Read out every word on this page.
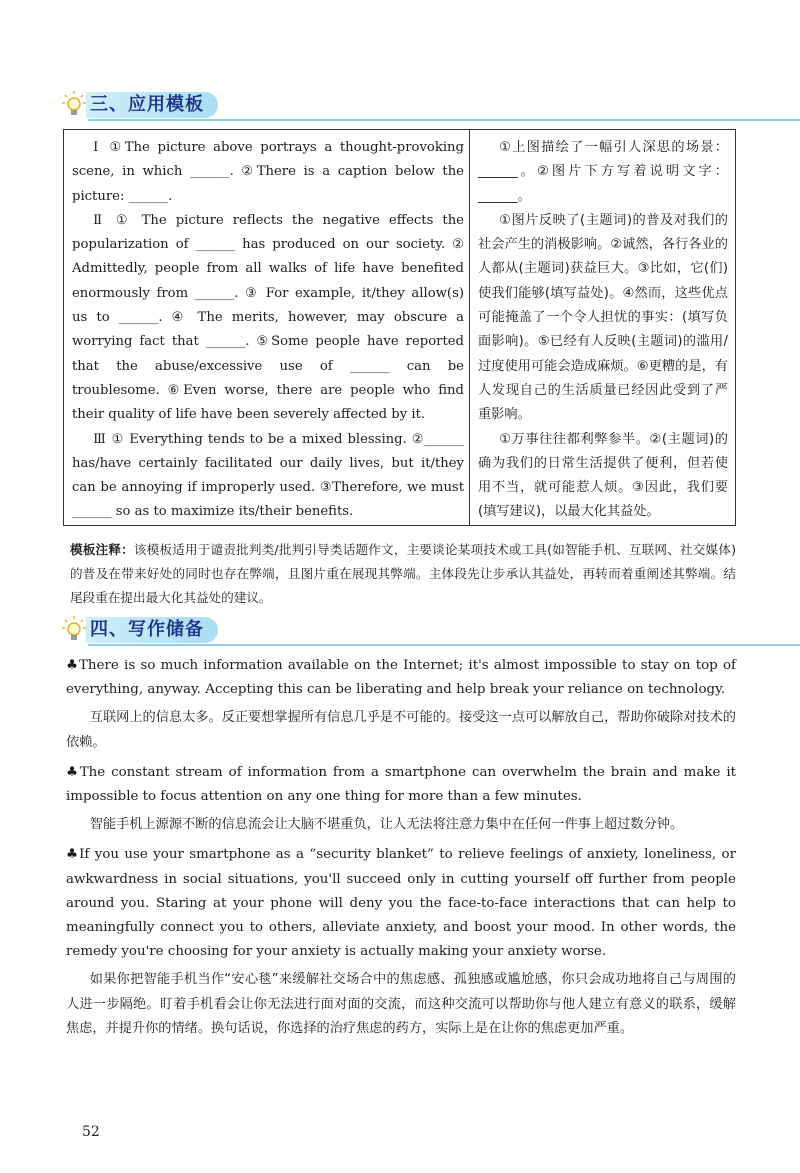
三、应用模板

Ⅰ ①The picture above portrays a thought-provoking scene, in which ______. ②There is a caption below the picture: ______.

Ⅱ ① The picture reflects the negative effects the popularization of ______ has produced on our society. ② Admittedly, people from all walks of life have benefited enormously from ______. ③ For example, it/they allow(s) us to ______. ④ The merits, however, may obscure a worrying fact that ______. ⑤Some people have reported that the abuse/excessive use of ______ can be troublesome. ⑥Even worse, there are people who find their quality of life have been severely affected by it.

Ⅲ ① Everything tends to be a mixed blessing. ②______ has/have certainly facilitated our daily lives, but it/they can be annoying if improperly used. ③Therefore, we must ______ so as to maximize its/their benefits.

①上图描绘了一幅引人深思的场景：______。②图片下方写着说明文字：______。

①图片反映了(主题词)的普及对我们的社会产生的消极影响。②诚然，各行各业的人都从(主题词)获益巨大。③比如，它(们)使我们能够(填写益处)。④然而，这些优点可能掩盖了一个令人担忧的事实：(填写负面影响)。⑤已经有人反映(主题词)的滥用/过度使用可能会造成麻烦。⑥更糟的是，有人发现自己的生活质量已经因此受到了严重影响。

①万事往往都利弊参半。②(主题词)的确为我们的日常生活提供了便利，但若使用不当，就可能惹人烦。③因此，我们要(填写建议)，以最大化其益处。

模板注释：该模板适用于谴责批判类/批判引导类话题作文，主要谈论某项技术或工具(如智能手机、互联网、社交媒体)的普及在带来好处的同时也存在弊端，且图片重在展现其弊端。主体段先让步承认其益处，再转而着重阐述其弊端。结尾段重在提出最大化其益处的建议。
四、写作储备

♣There is so much information available on the Internet; it's almost impossible to stay on top of everything, anyway. Accepting this can be liberating and help break your reliance on technology.

互联网上的信息太多。反正要想掌握所有信息几乎是不可能的。接受这一点可以解放自己，帮助你破除对技术的依赖。

♣The constant stream of information from a smartphone can overwhelm the brain and make it impossible to focus attention on any one thing for more than a few minutes.

智能手机上源源不断的信息流会让大脑不堪重负，让人无法将注意力集中在任何一件事上超过数分钟。

♣If you use your smartphone as a “security blanket” to relieve feelings of anxiety, loneliness, or awkwardness in social situations, you'll succeed only in cutting yourself off further from people around you. Staring at your phone will deny you the face-to-face interactions that can help to meaningfully connect you to others, alleviate anxiety, and boost your mood. In other words, the remedy you're choosing for your anxiety is actually making your anxiety worse.

如果你把智能手机当作“安心毯”来缓解社交场合中的焦虑感、孤独感或尴尬感，你只会成功地将自己与周围的人进一步隔绝。盯着手机看会让你无法进行面对面的交流，而这种交流可以帮助你与他人建立有意义的联系，缓解焦虑，并提升你的情绪。换句话说，你选择的治疗焦虑的药方，实际上是在让你的焦虑更加严重。

52
